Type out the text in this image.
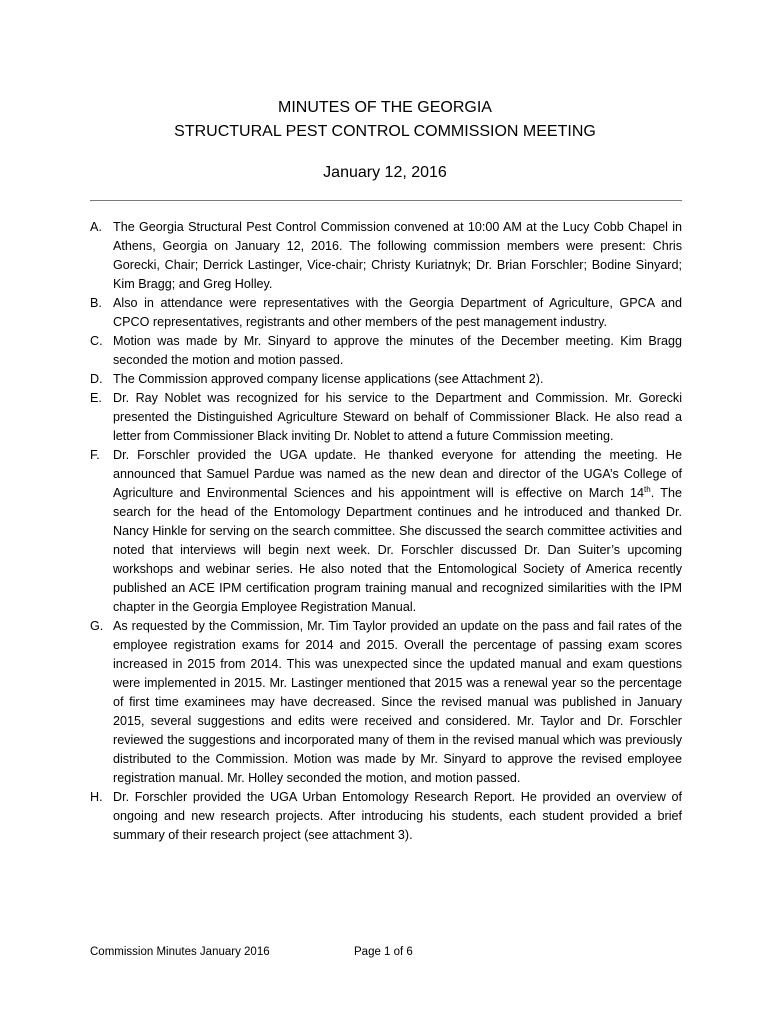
MINUTES OF THE GEORGIA
STRUCTURAL PEST CONTROL COMMISSION MEETING
January 12, 2016
A. The Georgia Structural Pest Control Commission convened at 10:00 AM at the Lucy Cobb Chapel in Athens, Georgia on January 12, 2016. The following commission members were present: Chris Gorecki, Chair; Derrick Lastinger, Vice-chair; Christy Kuriatnyk; Dr. Brian Forschler; Bodine Sinyard; Kim Bragg; and Greg Holley.
B. Also in attendance were representatives with the Georgia Department of Agriculture, GPCA and CPCO representatives, registrants and other members of the pest management industry.
C. Motion was made by Mr. Sinyard to approve the minutes of the December meeting. Kim Bragg seconded the motion and motion passed.
D. The Commission approved company license applications (see Attachment 2).
E. Dr. Ray Noblet was recognized for his service to the Department and Commission. Mr. Gorecki presented the Distinguished Agriculture Steward on behalf of Commissioner Black. He also read a letter from Commissioner Black inviting Dr. Noblet to attend a future Commission meeting.
F.	Dr. Forschler provided the UGA update. He thanked everyone for attending the meeting. He announced that Samuel Pardue was named as the new dean and director of the UGA’s College of Agriculture and Environmental Sciences and his appointment will is effective on March 14th. The search for the head of the Entomology Department continues and he introduced and thanked Dr. Nancy Hinkle for serving on the search committee. She discussed the search committee activities and noted that interviews will begin next week. Dr. Forschler discussed Dr. Dan Suiter’s upcoming workshops and webinar series. He also noted that the Entomological Society of America recently published an ACE IPM certification program training manual and recognized similarities with the IPM chapter in the Georgia Employee Registration Manual.
G. As requested by the Commission, Mr. Tim Taylor provided an update on the pass and fail rates of the employee registration exams for 2014 and 2015. Overall the percentage of passing exam scores increased in 2015 from 2014. This was unexpected since the updated manual and exam questions were implemented in 2015. Mr. Lastinger mentioned that 2015 was a renewal year so the percentage of first time examinees may have decreased. Since the revised manual was published in January 2015, several suggestions and edits were received and considered. Mr. Taylor and Dr. Forschler reviewed the suggestions and incorporated many of them in the revised manual which was previously distributed to the Commission. Motion was made by Mr. Sinyard to approve the revised employee registration manual. Mr. Holley seconded the motion, and motion passed.
H. Dr. Forschler provided the UGA Urban Entomology Research Report. He provided an overview of ongoing and new research projects. After introducing his students, each student provided a brief summary of their research project (see attachment 3).
Commission Minutes January 2016	Page 1 of 6
